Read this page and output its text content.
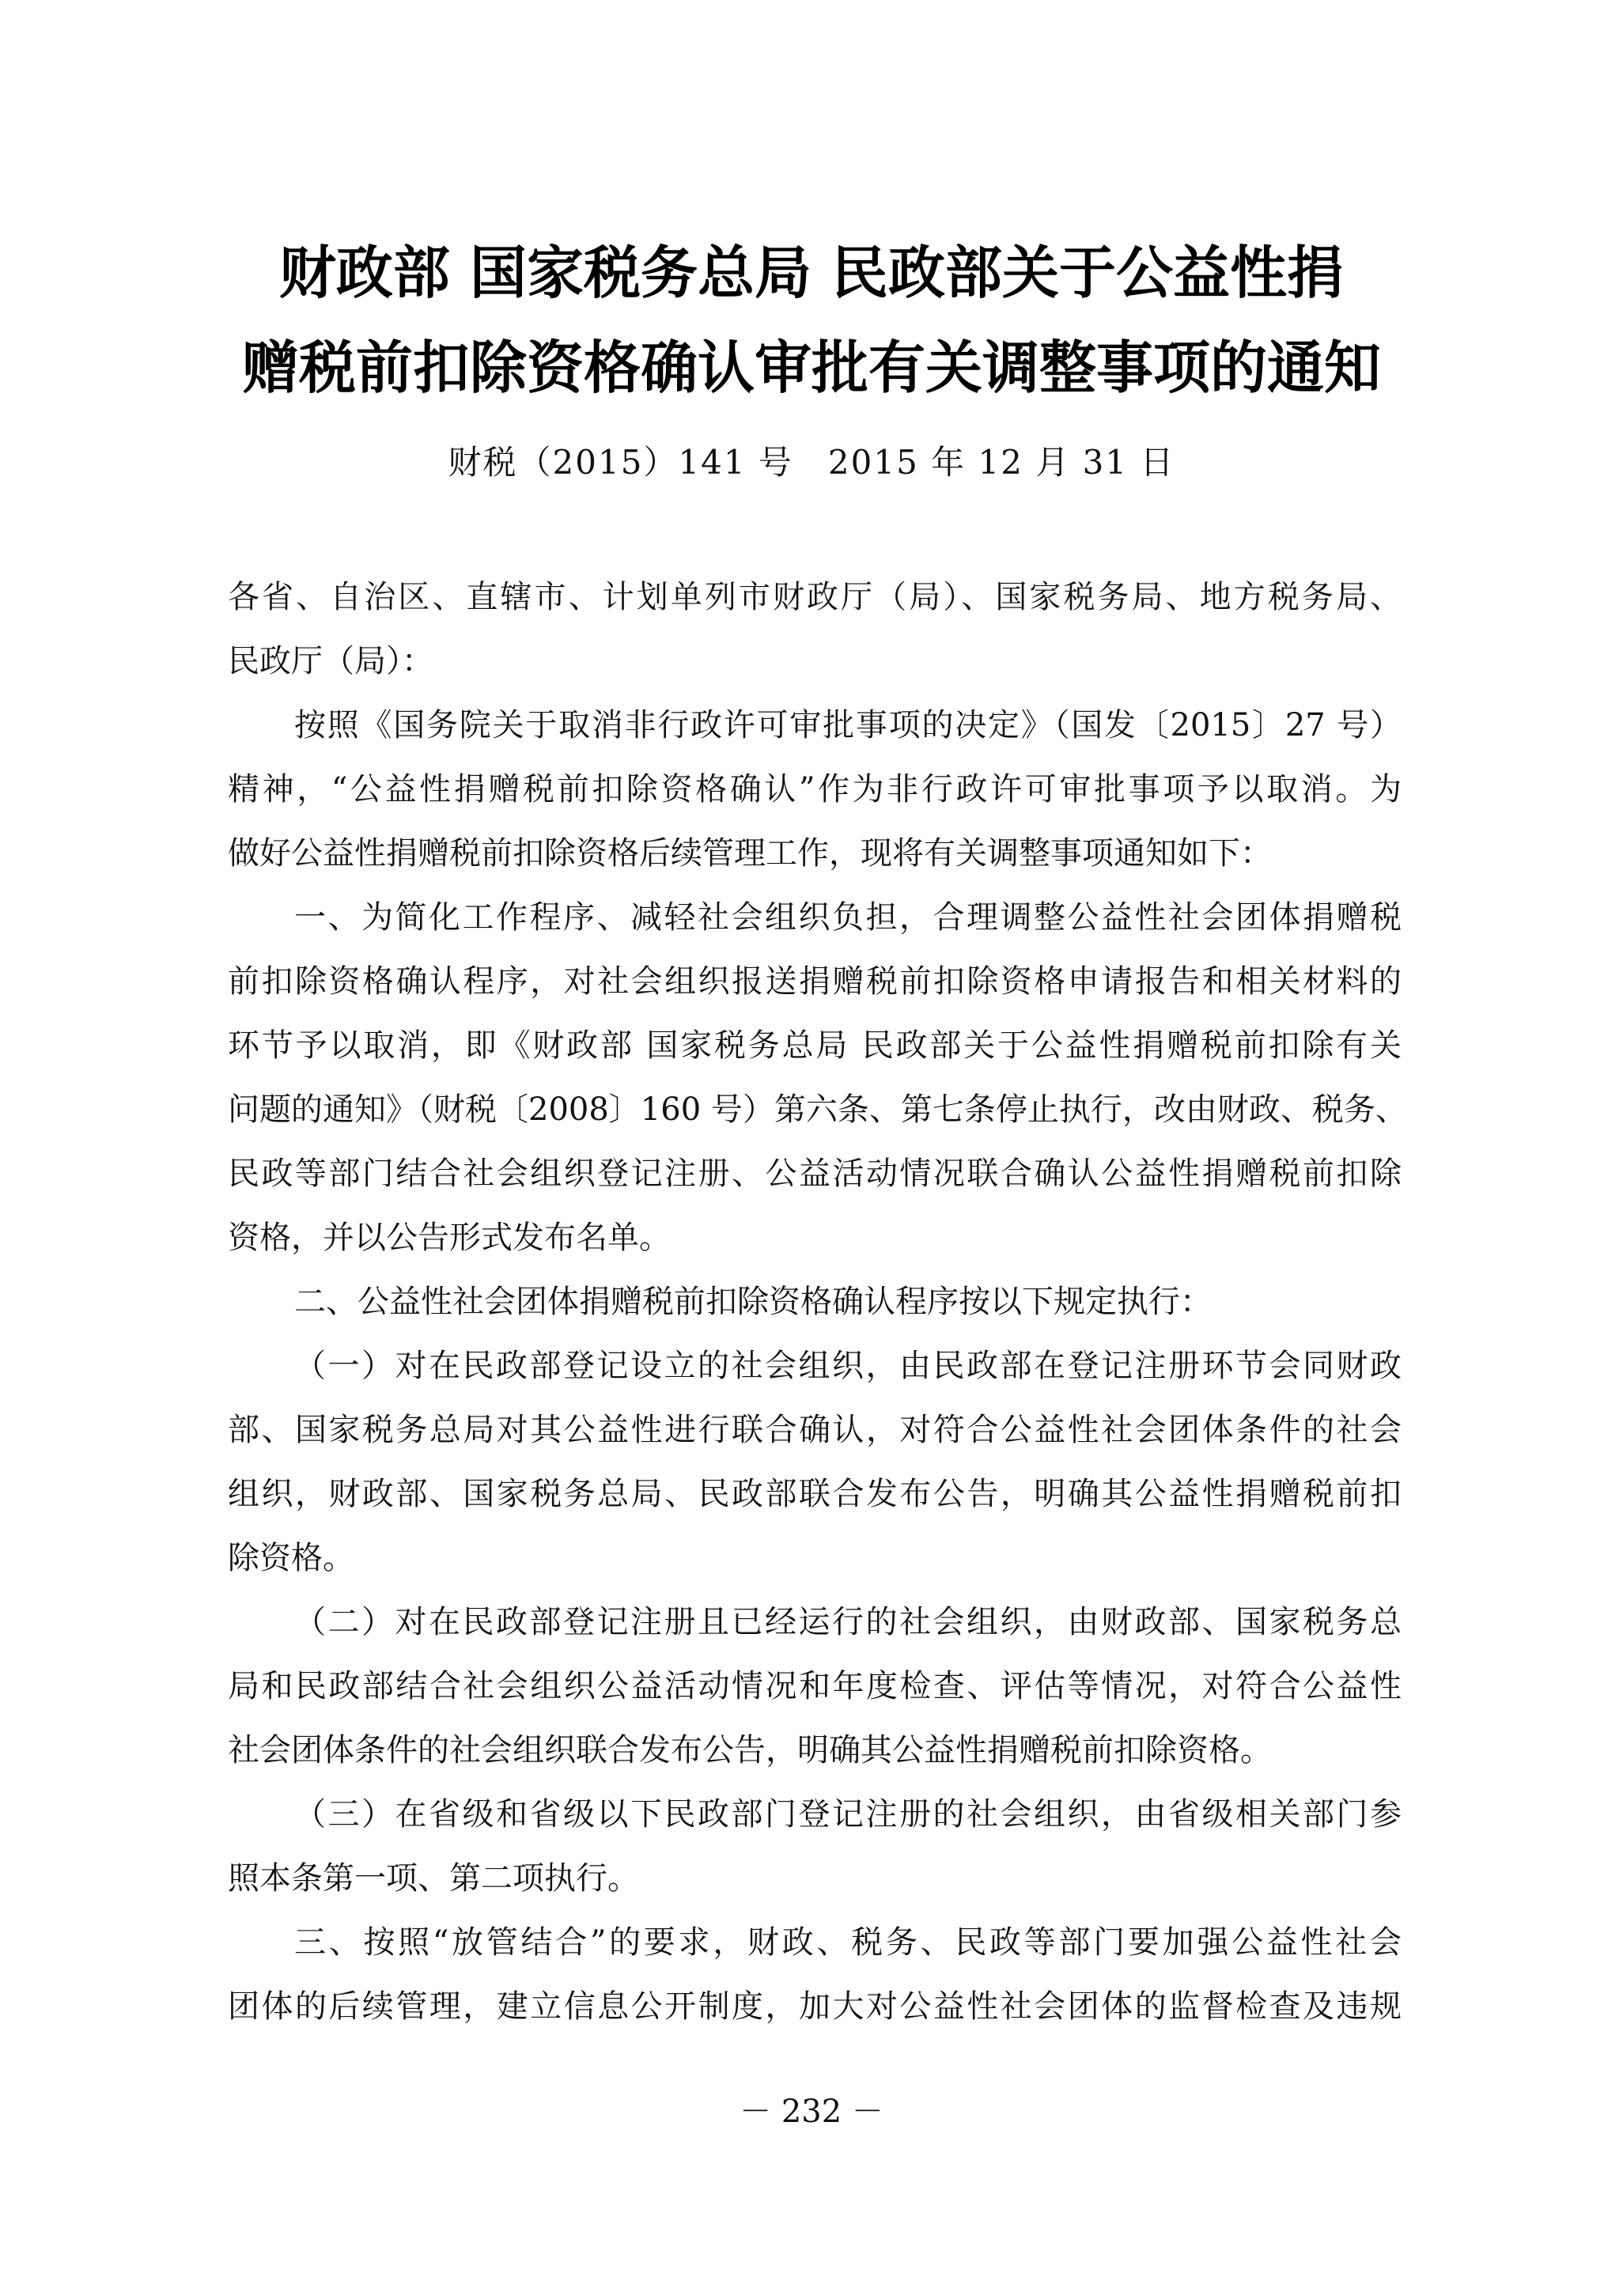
财政部 国家税务总局 民政部关于公益性捐
赠税前扣除资格确认审批有关调整事项的通知
财税（2015）141 号　2015 年 12 月 31 日
各省、自治区、直辖市、计划单列市财政厅（局）、国家税务局、地方税务局、
民政厅（局）：
按照《国务院关于取消非行政许可审批事项的决定》（国发〔2015〕27 号）
精神，“公益性捐赠税前扣除资格确认”作为非行政许可审批事项予以取消。为
做好公益性捐赠税前扣除资格后续管理工作，现将有关调整事项通知如下：
一、为简化工作程序、减轻社会组织负担，合理调整公益性社会团体捐赠税
前扣除资格确认程序，对社会组织报送捐赠税前扣除资格申请报告和相关材料的
环节予以取消，即《财政部 国家税务总局 民政部关于公益性捐赠税前扣除有关
问题的通知》（财税〔2008〕160 号）第六条、第七条停止执行，改由财政、税务、
民政等部门结合社会组织登记注册、公益活动情况联合确认公益性捐赠税前扣除
资格，并以公告形式发布名单。
二、公益性社会团体捐赠税前扣除资格确认程序按以下规定执行：
（一）对在民政部登记设立的社会组织，由民政部在登记注册环节会同财政
部、国家税务总局对其公益性进行联合确认，对符合公益性社会团体条件的社会
组织，财政部、国家税务总局、民政部联合发布公告，明确其公益性捐赠税前扣
除资格。
（二）对在民政部登记注册且已经运行的社会组织，由财政部、国家税务总
局和民政部结合社会组织公益活动情况和年度检查、评估等情况，对符合公益性
社会团体条件的社会组织联合发布公告，明确其公益性捐赠税前扣除资格。
（三）在省级和省级以下民政部门登记注册的社会组织，由省级相关部门参
照本条第一项、第二项执行。
三、按照“放管结合”的要求，财政、税务、民政等部门要加强公益性社会
团体的后续管理，建立信息公开制度，加大对公益性社会团体的监督检查及违规
－ 232 －
